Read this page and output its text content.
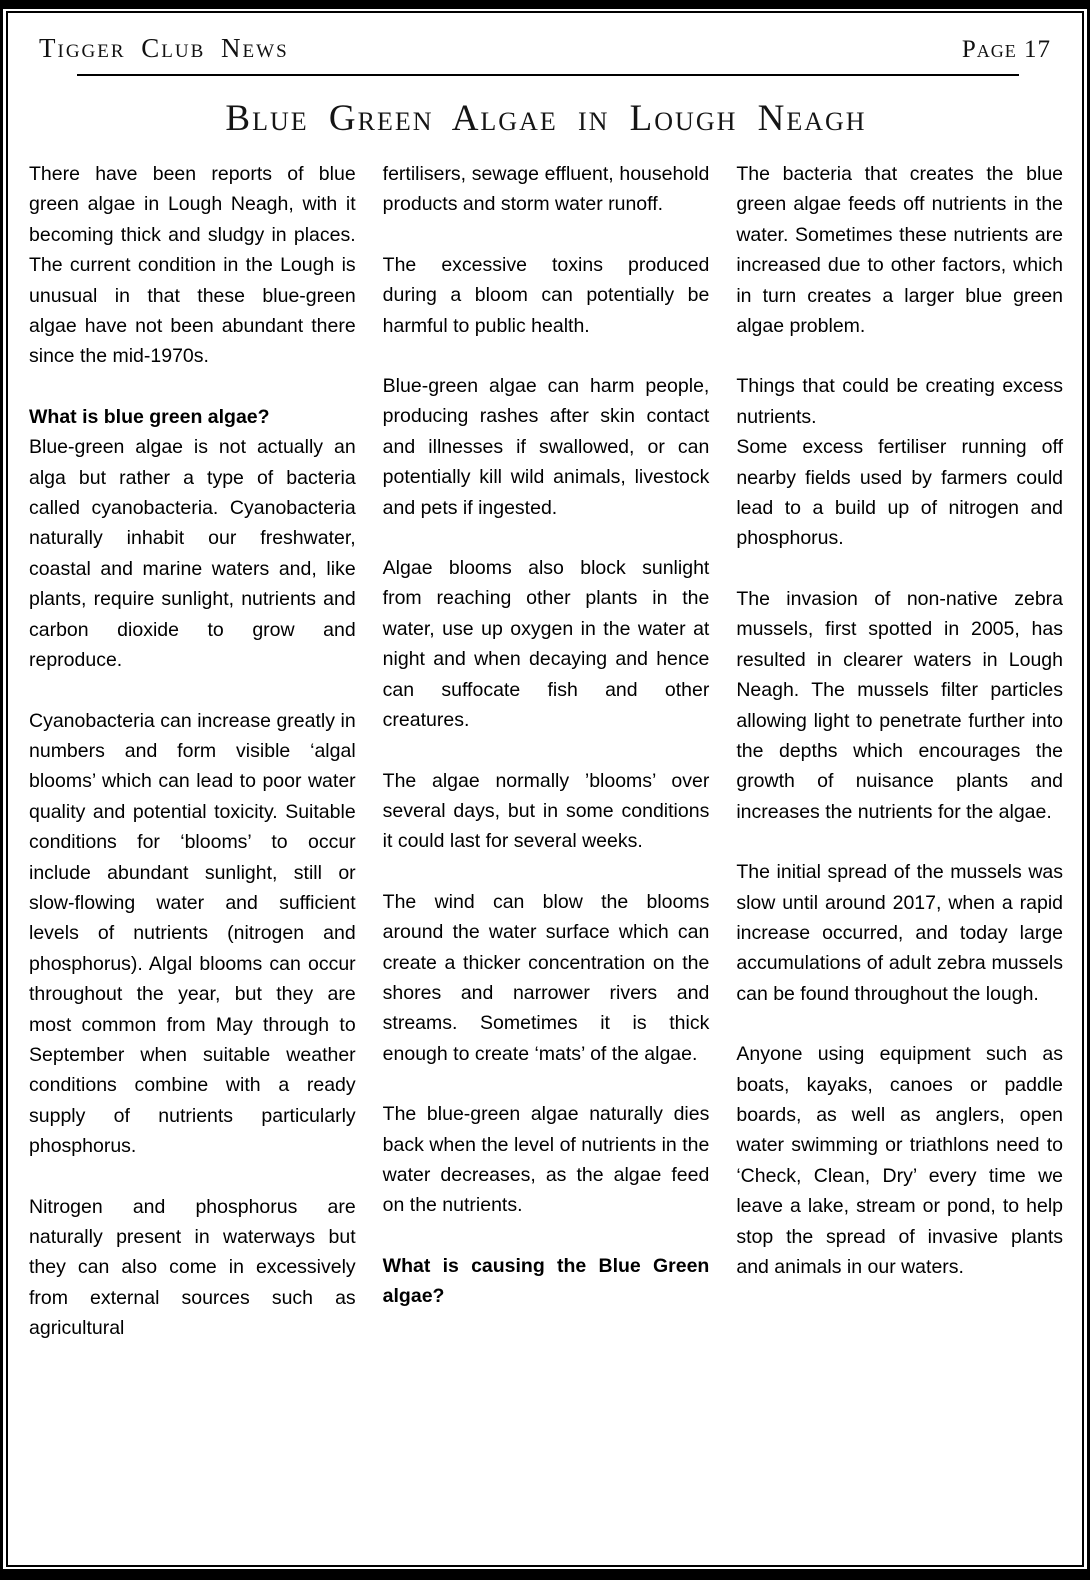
Tigger Club News	Page 17
Blue Green Algae in Lough Neagh

There have been reports of blue green algae in Lough Neagh, with it becoming thick and sludgy in places. The current condition in the Lough is unusual in that these blue-green algae have not been abundant there since the mid-1970s.

What is blue green algae?

Blue-green algae is not actually an alga but rather a type of bacteria called cyanobacteria. Cyanobacteria naturally inhabit our freshwater, coastal and marine waters and, like plants, require sunlight, nutrients and carbon dioxide to grow and reproduce.

Cyanobacteria can increase greatly in numbers and form visible ‘algal blooms’ which can lead to poor water quality and potential toxicity. Suitable conditions for ‘blooms’ to occur include abundant sunlight, still or slow-flowing water and sufficient levels of nutrients (nitrogen and phosphorus). Algal blooms can occur throughout the year, but they are most common from May through to September when suitable weather conditions combine with a ready supply of nutrients particularly phosphorus.

Nitrogen and phosphorus are naturally present in waterways but they can also come in excessively from external sources such as agricultural

fertilisers, sewage effluent, household products and storm water runoff.

The excessive toxins produced during a bloom can potentially be harmful to public health.

Blue-green algae can harm people, producing rashes after skin contact and illnesses if swallowed, or can potentially kill wild animals, livestock and pets if ingested.

Algae blooms also block sunlight from reaching other plants in the water, use up oxygen in the water at night and when decaying and hence can suffocate fish and other creatures.

The algae normally ’blooms’ over several days, but in some conditions it could last for several weeks.

The wind can blow the blooms around the water surface which can create a thicker concentration on the shores and narrower rivers and streams. Sometimes it is thick enough to create ‘mats’ of the algae.

The blue-green algae naturally dies back when the level of nutrients in the water decreases, as the algae feed on the nutrients.

What is causing the Blue Green algae?

The bacteria that creates the blue green algae feeds off nutrients in the water. Sometimes these nutrients are increased due to other factors, which in turn creates a larger blue green algae problem.

Things that could be creating excess nutrients.

Some excess fertiliser running off nearby fields used by farmers could lead to a build up of nitrogen and phosphorus.

The invasion of non-native zebra mussels, first spotted in 2005, has resulted in clearer waters in Lough Neagh. The mussels filter particles allowing light to penetrate further into the depths which encourages the growth of nuisance plants and increases the nutrients for the algae.

The initial spread of the mussels was slow until around 2017, when a rapid increase occurred, and today large accumulations of adult zebra mussels can be found throughout the lough.

Anyone using equipment such as boats, kayaks, canoes or paddle boards, as well as anglers, open water swimming or triathlons need to ‘Check, Clean, Dry’ every time we leave a lake, stream or pond, to help stop the spread of invasive plants and animals in our waters.
